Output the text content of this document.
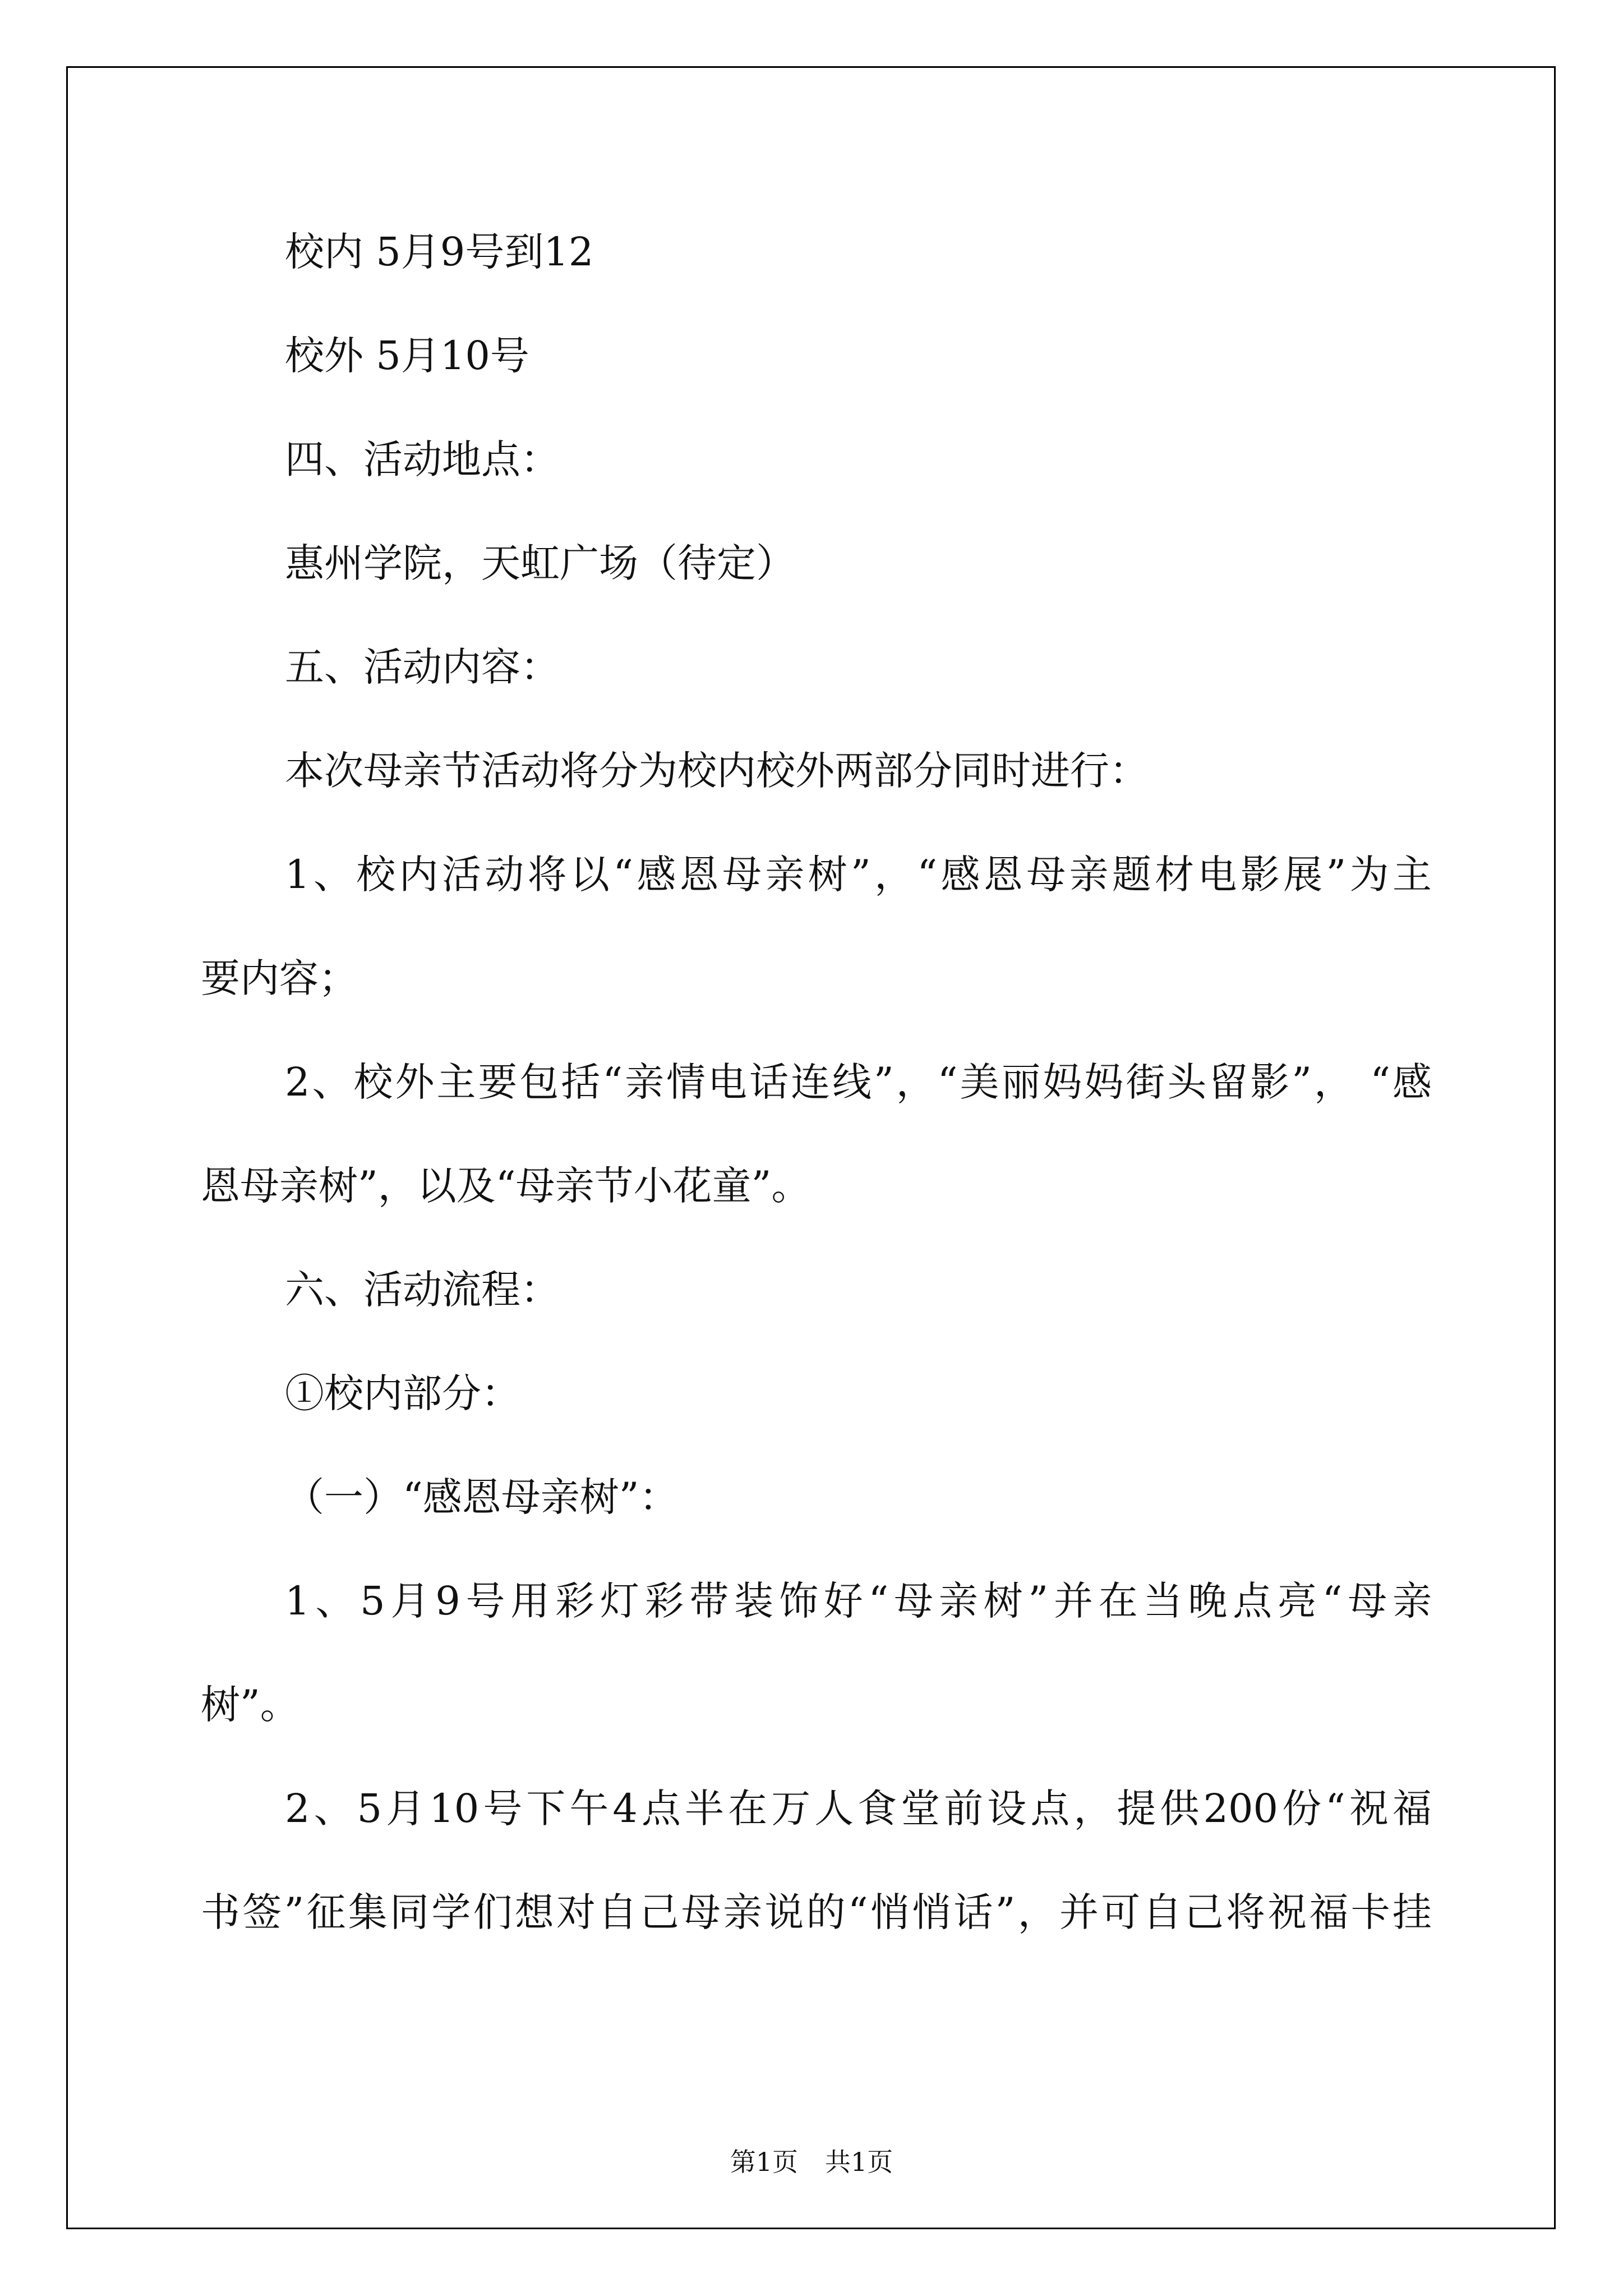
校内 5月9号到12
校外 5月10号
四、活动地点：
惠州学院，天虹广场（待定）
五、活动内容：
本次母亲节活动将分为校内校外两部分同时进行：
1、校内活动将以“感恩母亲树”，“感恩母亲题材电影展”为主
要内容；
2、校外主要包括“亲情电话连线”，“美丽妈妈街头留影”， “感
恩母亲树”，以及“母亲节小花童”。
六、活动流程：
①校内部分：
（一）“感恩母亲树”：
1、5月9号用彩灯彩带装饰好“母亲树”并在当晚点亮“母亲
树”。
2、5月10号下午4点半在万人食堂前设点，提供200份“祝福
书签”征集同学们想对自己母亲说的“悄悄话”，并可自己将祝福卡挂
第1页 共1页
